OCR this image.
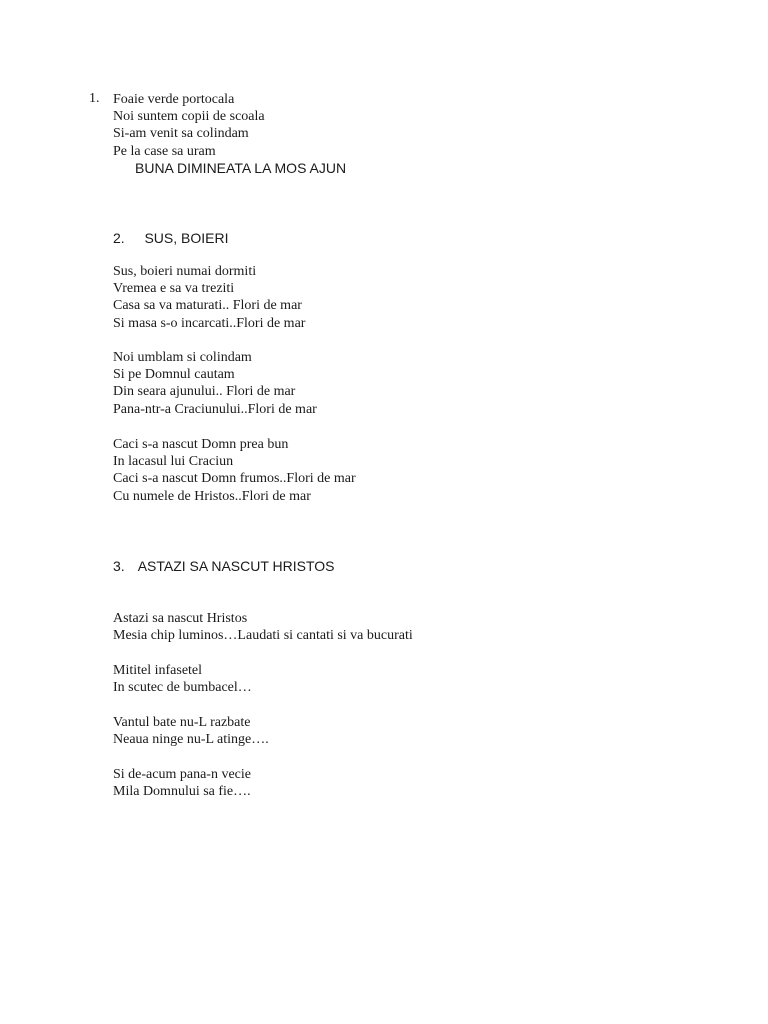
1. Foaie verde portocala
Noi suntem copii de scoala
Si-am venit sa colindam
Pe la case sa uram
BUNA DIMINEATA LA MOS AJUN
2. SUS, BOIERI
Sus, boieri numai dormiti
Vremea e sa va treziti
Casa sa va maturati.. Flori de mar
Si masa s-o incarcati..Flori de mar
Noi umblam si colindam
Si pe Domnul cautam
Din seara ajunului.. Flori de mar
Pana-ntr-a Craciunului..Flori de mar
Caci s-a nascut Domn prea bun
In lacasul lui Craciun
Caci s-a nascut Domn frumos..Flori de mar
Cu numele de Hristos..Flori de mar
3. ASTAZI SA NASCUT HRISTOS
Astazi sa nascut Hristos
Mesia chip luminos…Laudati si cantati si va bucurati
Mititel infasetel
In scutec de bumbacel…
Vantul bate nu-L razbate
Neaua ninge nu-L atinge….
Si de-acum pana-n vecie
Mila Domnului sa fie….
